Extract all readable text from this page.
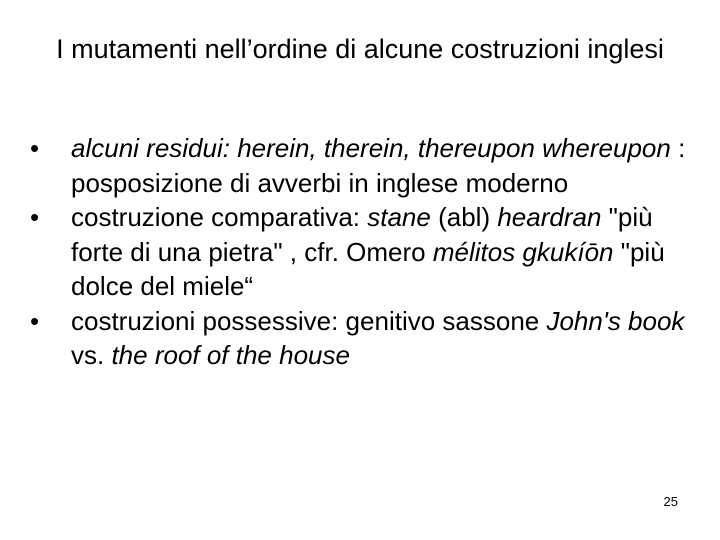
I mutamenti nell’ordine di alcune costruzioni inglesi
• alcuni residui: herein, therein, thereupon whereupon : posposizione di avverbi in inglese moderno
• costruzione comparativa: stane (abl) heardran "più forte di una pietra" , cfr. Omero mélitos gkukíōn "più dolce del miele“
• costruzioni possessive: genitivo sassone John's book vs. the roof of the house
25
